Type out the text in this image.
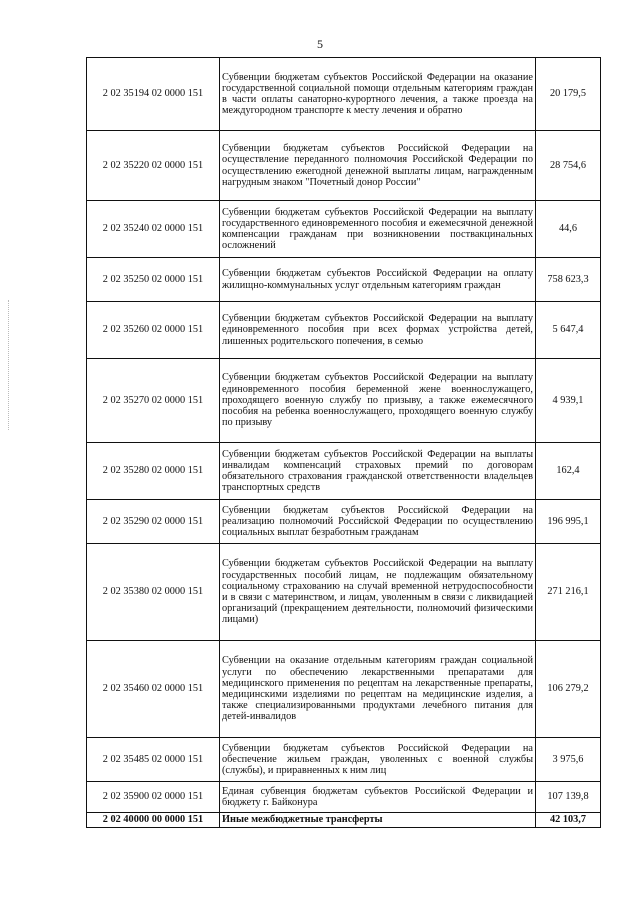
5
2 02 35194 02 0000 151	Субвенции бюджетам субъектов Российской Федерации на оказание государственной социальной помощи отдельным категориям граждан в части оплаты санаторно-курортного лечения, а также проезда на междугородном транспорте к месту лечения и обратно	20 179,5
2 02 35220 02 0000 151	Субвенции бюджетам субъектов Российской Федерации на осуществление переданного полномочия Российской Федерации по осуществлению ежегодной денежной выплаты лицам, награжденным нагрудным знаком "Почетный донор России"	28 754,6
2 02 35240 02 0000 151	Субвенции бюджетам субъектов Российской Федерации на выплату государственного единовременного пособия и ежемесячной денежной компенсации гражданам при возникновении поствакцинальных осложнений	44,6
2 02 35250 02 0000 151	Субвенции бюджетам субъектов Российской Федерации на оплату жилищно-коммунальных услуг отдельным категориям граждан	758 623,3
2 02 35260 02 0000 151	Субвенции бюджетам субъектов Российской Федерации на выплату единовременного пособия при всех формах устройства детей, лишенных родительского попечения, в семью	5 647,4
2 02 35270 02 0000 151	Субвенции бюджетам субъектов Российской Федерации на выплату единовременного пособия беременной жене военнослужащего, проходящего военную службу по призыву, а также ежемесячного пособия на ребенка военнослужащего, проходящего военную службу по призыву	4 939,1
2 02 35280 02 0000 151	Субвенции бюджетам субъектов Российской Федерации на выплаты инвалидам компенсаций страховых премий по договорам обязательного страхования гражданской ответственности владельцев транспортных средств	162,4
2 02 35290 02 0000 151	Субвенции бюджетам субъектов Российской Федерации на реализацию полномочий Российской Федерации по осуществлению социальных выплат безработным гражданам	196 995,1
2 02 35380 02 0000 151	Субвенции бюджетам субъектов Российской Федерации на выплату государственных пособий лицам, не подлежащим обязательному социальному страхованию на случай временной нетрудоспособности и в связи с материнством, и лицам, уволенным в связи с ликвидацией организаций (прекращением деятельности, полномочий физическими лицами)	271 216,1
2 02 35460 02 0000 151	Субвенции на оказание отдельным категориям граждан социальной услуги по обеспечению лекарственными препаратами для медицинского применения по рецептам на лекарственные препараты, медицинскими изделиями по рецептам на медицинские изделия, а также специализированными продуктами лечебного питания для детей-инвалидов	106 279,2
2 02 35485 02 0000 151	Субвенции бюджетам субъектов Российской Федерации на обеспечение жильем граждан, уволенных с военной службы (службы), и приравненных к ним лиц	3 975,6
2 02 35900 02 0000 151	Единая субвенция бюджетам субъектов Российской Федерации и бюджету г. Байконура	107 139,8
2 02 40000 00 0000 151	Иные межбюджетные трансферты	42 103,7
